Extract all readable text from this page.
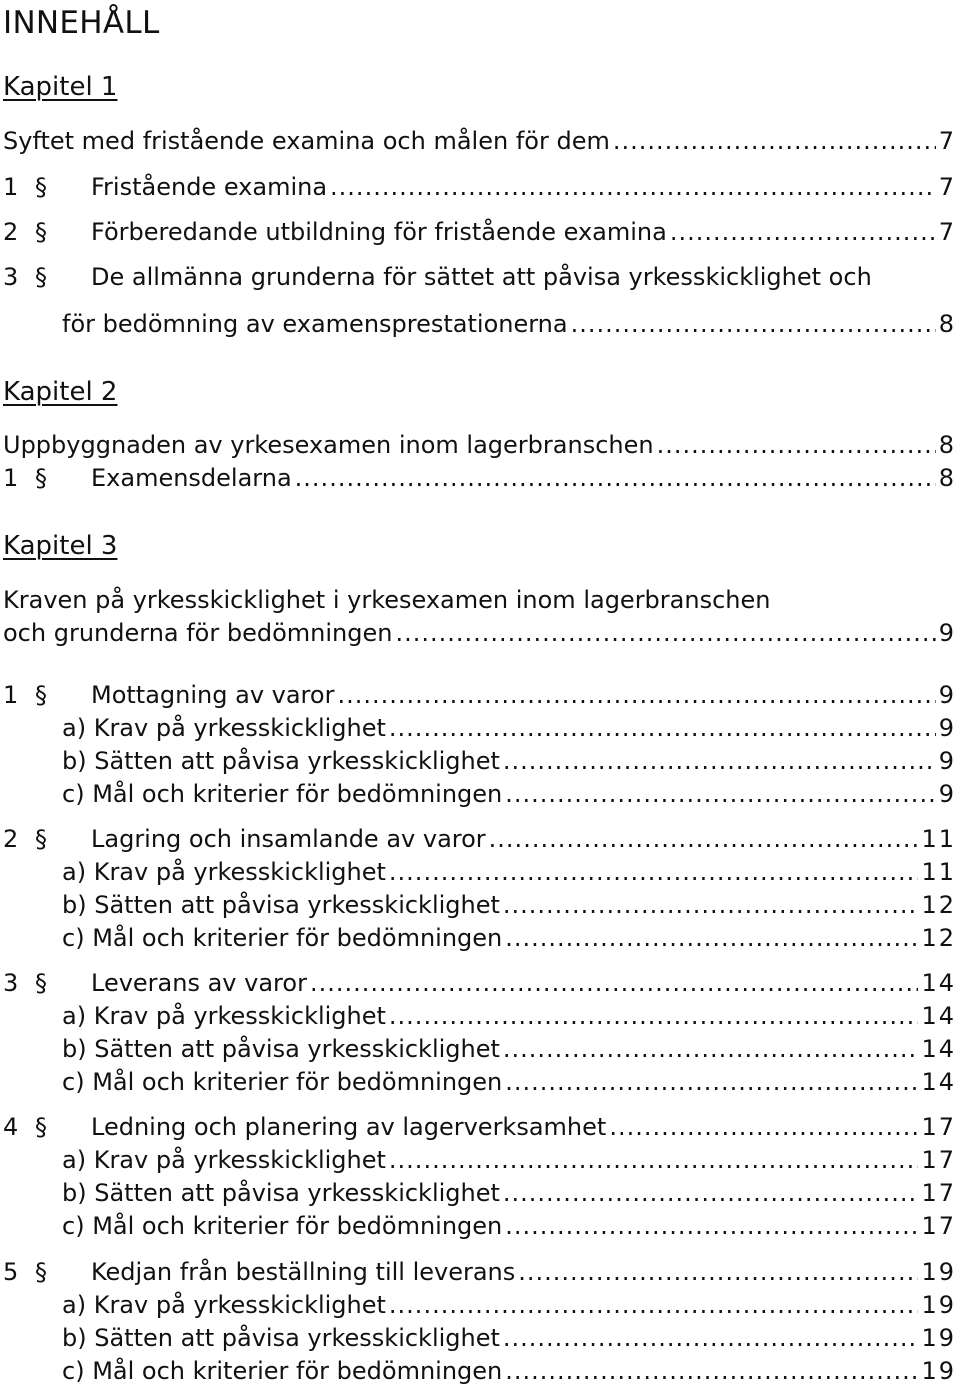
INNEHÅLL
Kapitel 1
Syftet med fristående examina och målen för dem .....	7
1 §	Fristående examina .....	7
2 §	Förberedande utbildning för fristående examina .....	7
3 §	De allmänna grunderna för sättet att påvisa yrkesskicklighet och
för bedömning av examensprestationerna .....	8
Kapitel 2
Uppbyggnaden av yrkesexamen inom lagerbranschen .....	8
1 §	Examensdelarna .....	8
Kapitel 3
Kraven på yrkesskicklighet i yrkesexamen inom lagerbranschen
och grunderna för bedömningen .....	9
1 §	Mottagning av varor .....	9
a) Krav på yrkesskicklighet .....	9
b) Sätten att påvisa yrkesskicklighet .....	9
c) Mål och kriterier för bedömningen .....	9
2 §	Lagring och insamlande av varor .....	11
a) Krav på yrkesskicklighet .....	11
b) Sätten att påvisa yrkesskicklighet .....	12
c) Mål och kriterier för bedömningen .....	12
3 §	Leverans av varor .....	14
a) Krav på yrkesskicklighet .....	14
b) Sätten att påvisa yrkesskicklighet .....	14
c) Mål och kriterier för bedömningen .....	14
4 §	Ledning och planering av lagerverksamhet .....	17
a) Krav på yrkesskicklighet .....	17
b) Sätten att påvisa yrkesskicklighet .....	17
c) Mål och kriterier för bedömningen .....	17
5 §	Kedjan från beställning till leverans .....	19
a) Krav på yrkesskicklighet .....	19
b) Sätten att påvisa yrkesskicklighet .....	19
c) Mål och kriterier för bedömningen .....	19
